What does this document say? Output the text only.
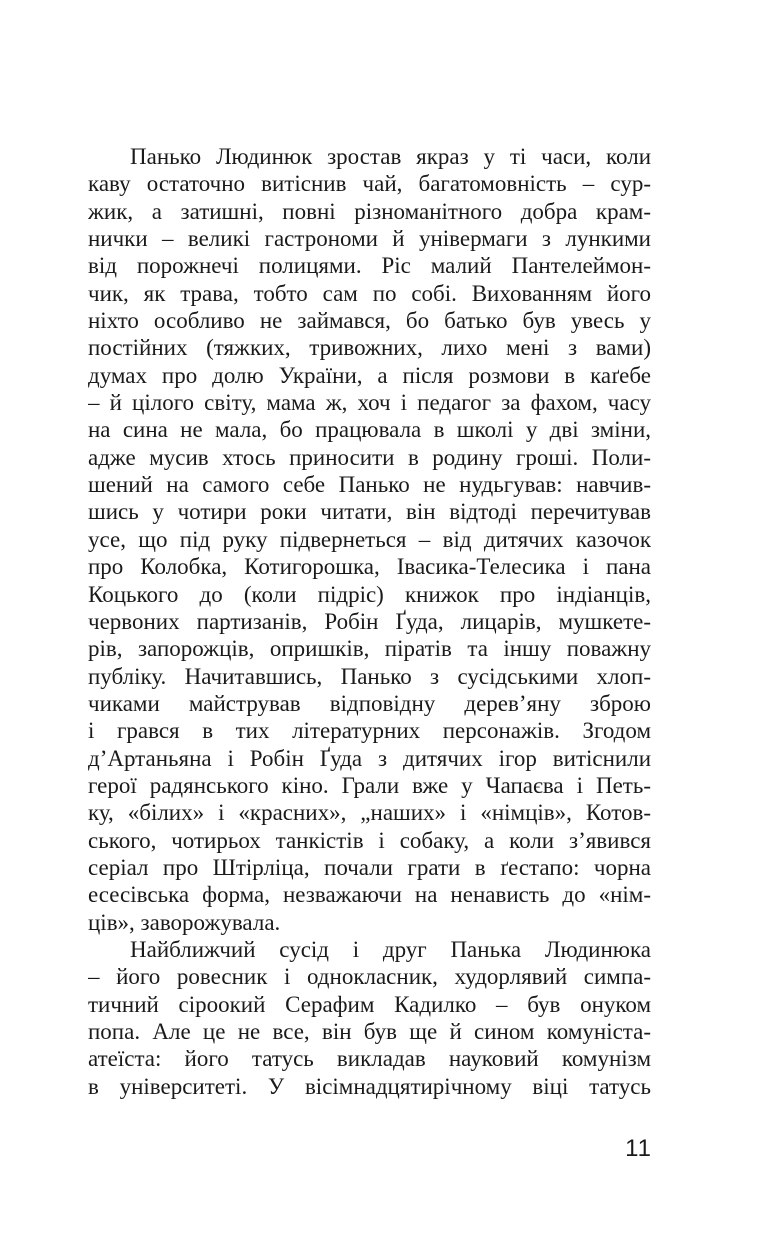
Панько Людинюк зростав якраз у ті часи, коли
каву остаточно витіснив чай, багатомовність – сур-
жик, а затишні, повні різноманітного добра крам-
нички – великі гастрономи й універмаги з лункими
від порожнечі полицями. Ріс малий Пантелеймон-
чик, як трава, тобто сам по собі. Вихованням його
ніхто особливо не займався, бо батько був увесь у
постійних (тяжких, тривожних, лихо мені з вами)
думах про долю України, а після розмови в каґебе
– й цілого світу, мама ж, хоч і педагог за фахом, часу
на сина не мала, бо працювала в школі у дві зміни,
адже мусив хтось приносити в родину гроші. Поли-
шений на самого себе Панько не нудьгував: навчив-
шись у чотири роки читати, він відтоді перечитував
усе, що під руку підвернеться – від дитячих казочок
про Колобка, Котигорошка, Івасика-Телесика і пана
Коцького до (коли підріс) книжок про індіанців,
червоних партизанів, Робін Ґуда, лицарів, мушкете-
рів, запорожців, опришків, піратів та іншу поважну
публіку. Начитавшись, Панько з сусідськими хлоп-
чиками майстрував відповідну дерев’яну зброю
і грався в тих літературних персонажів. Згодом
д’Артаньяна і Робін Ґуда з дитячих ігор витіснили
герої радянського кіно. Грали вже у Чапаєва і Петь-
ку, «білих» і «красних», „наших» і «німців», Котов-
ського, чотирьох танкістів і собаку, а коли з’явився
серіал про Штірліца, почали грати в ґестапо: чорна
есесівська форма, незважаючи на ненависть до «нім-
ців», заворожувала.
Найближчий сусід і друг Панька Людинюка
– його ровесник і однокласник, худорлявий симпа-
тичний сіроокий Серафим Кадилко – був онуком
попа. Але це не все, він був ще й сином комуніста-
атеїста: його татусь викладав науковий комунізм
в університеті. У вісімнадцятирічному віці татусь
11
